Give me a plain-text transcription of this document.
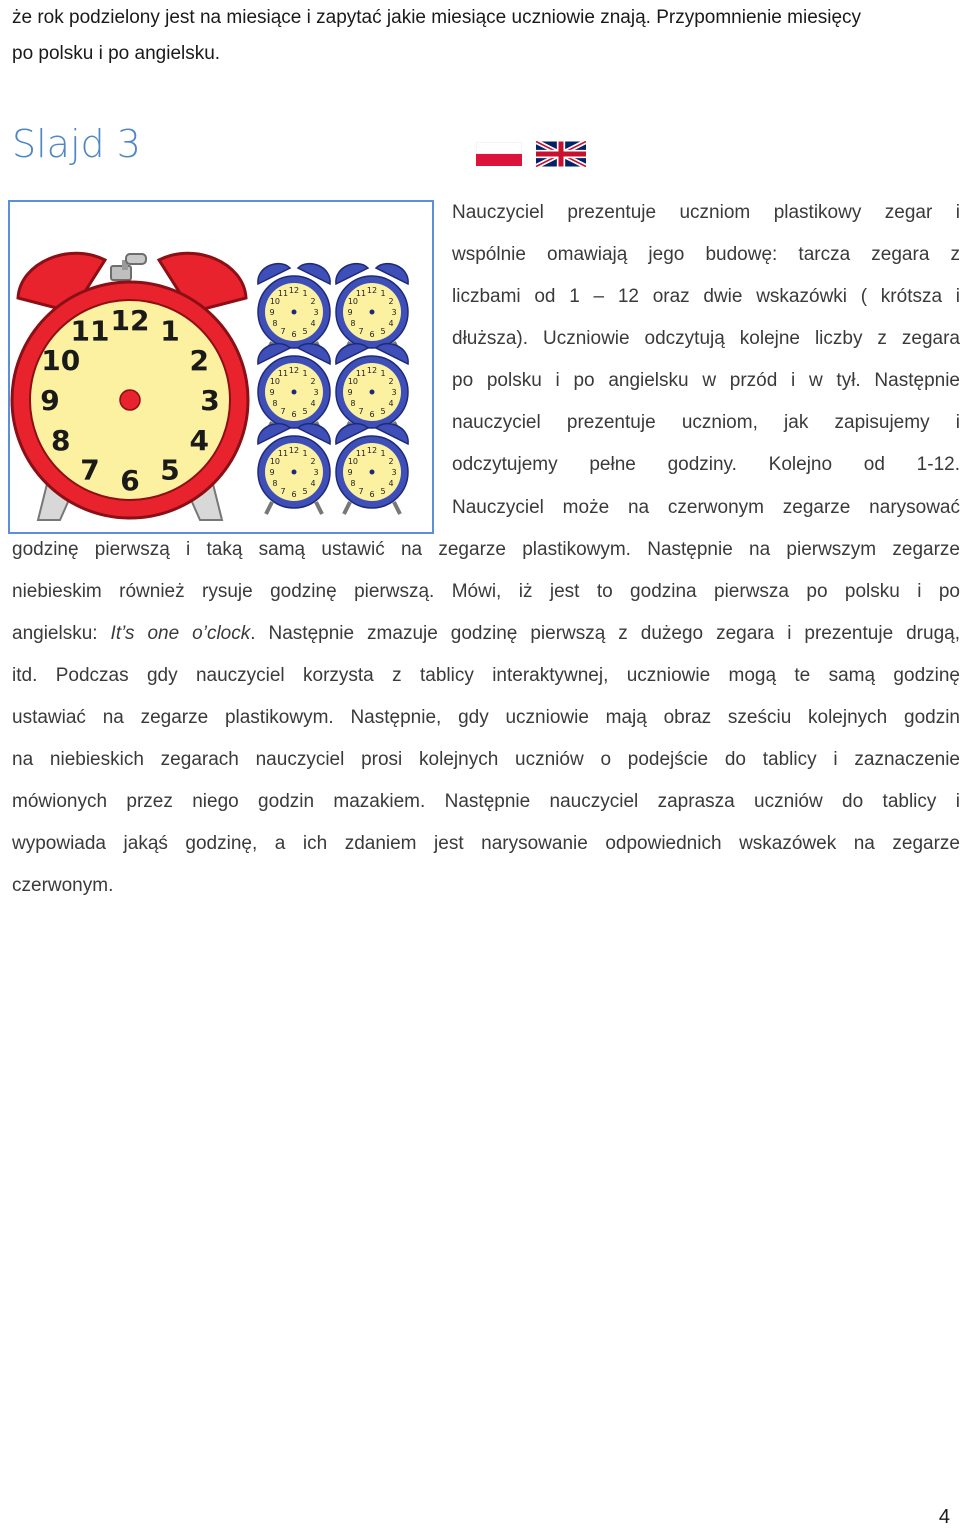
że rok podzielony jest na miesiące i zapytać jakie miesiące uczniowie znają. Przypomnienie miesięcy
po polsku i po angielsku.
Slajd 3
12 1
2
3
4
5
6
7
8
9
10
11
12 1
2
3
4
5
6
7
8
9
10
11	12 1
2
3
4
5
6
7
8
9
10
11
12 1
2
3
4
5
6
7
8
9
10
11	12 1
2
3
4
5
6
7
8
9
10
11
12 1
2
3
4
5
6
7
8
9
10
11	12 1
2
3
4
5
6
7
8
9
10
11
Nauczyciel prezentuje uczniom plastikowy zegar i
wspólnie omawiają jego budowę: tarcza zegara z
liczbami od 1 – 12 oraz dwie wskazówki ( krótsza i
dłuższa). Uczniowie odczytują kolejne liczby z zegara
po polsku i po angielsku w przód i w tył. Następnie
nauczyciel prezentuje uczniom, jak zapisujemy i
odczytujemy pełne godziny. Kolejno od 1-12.
Nauczyciel może na czerwonym zegarze narysować
godzinę pierwszą i taką samą ustawić na zegarze plastikowym. Następnie na pierwszym zegarze
niebieskim również rysuje godzinę pierwszą. Mówi, iż jest to godzina pierwsza po polsku i po
angielsku: It’s one o’clock. Następnie zmazuje godzinę pierwszą z dużego zegara i prezentuje drugą,
itd. Podczas gdy nauczyciel korzysta z tablicy interaktywnej, uczniowie mogą te samą godzinę
ustawiać na zegarze plastikowym. Następnie, gdy uczniowie mają obraz sześciu kolejnych godzin
na niebieskich zegarach nauczyciel prosi kolejnych uczniów o podejście do tablicy i zaznaczenie
mówionych przez niego godzin mazakiem. Następnie nauczyciel zaprasza uczniów do tablicy i
wypowiada jakąś godzinę, a ich zdaniem jest narysowanie odpowiednich wskazówek na zegarze
czerwonym.
4
